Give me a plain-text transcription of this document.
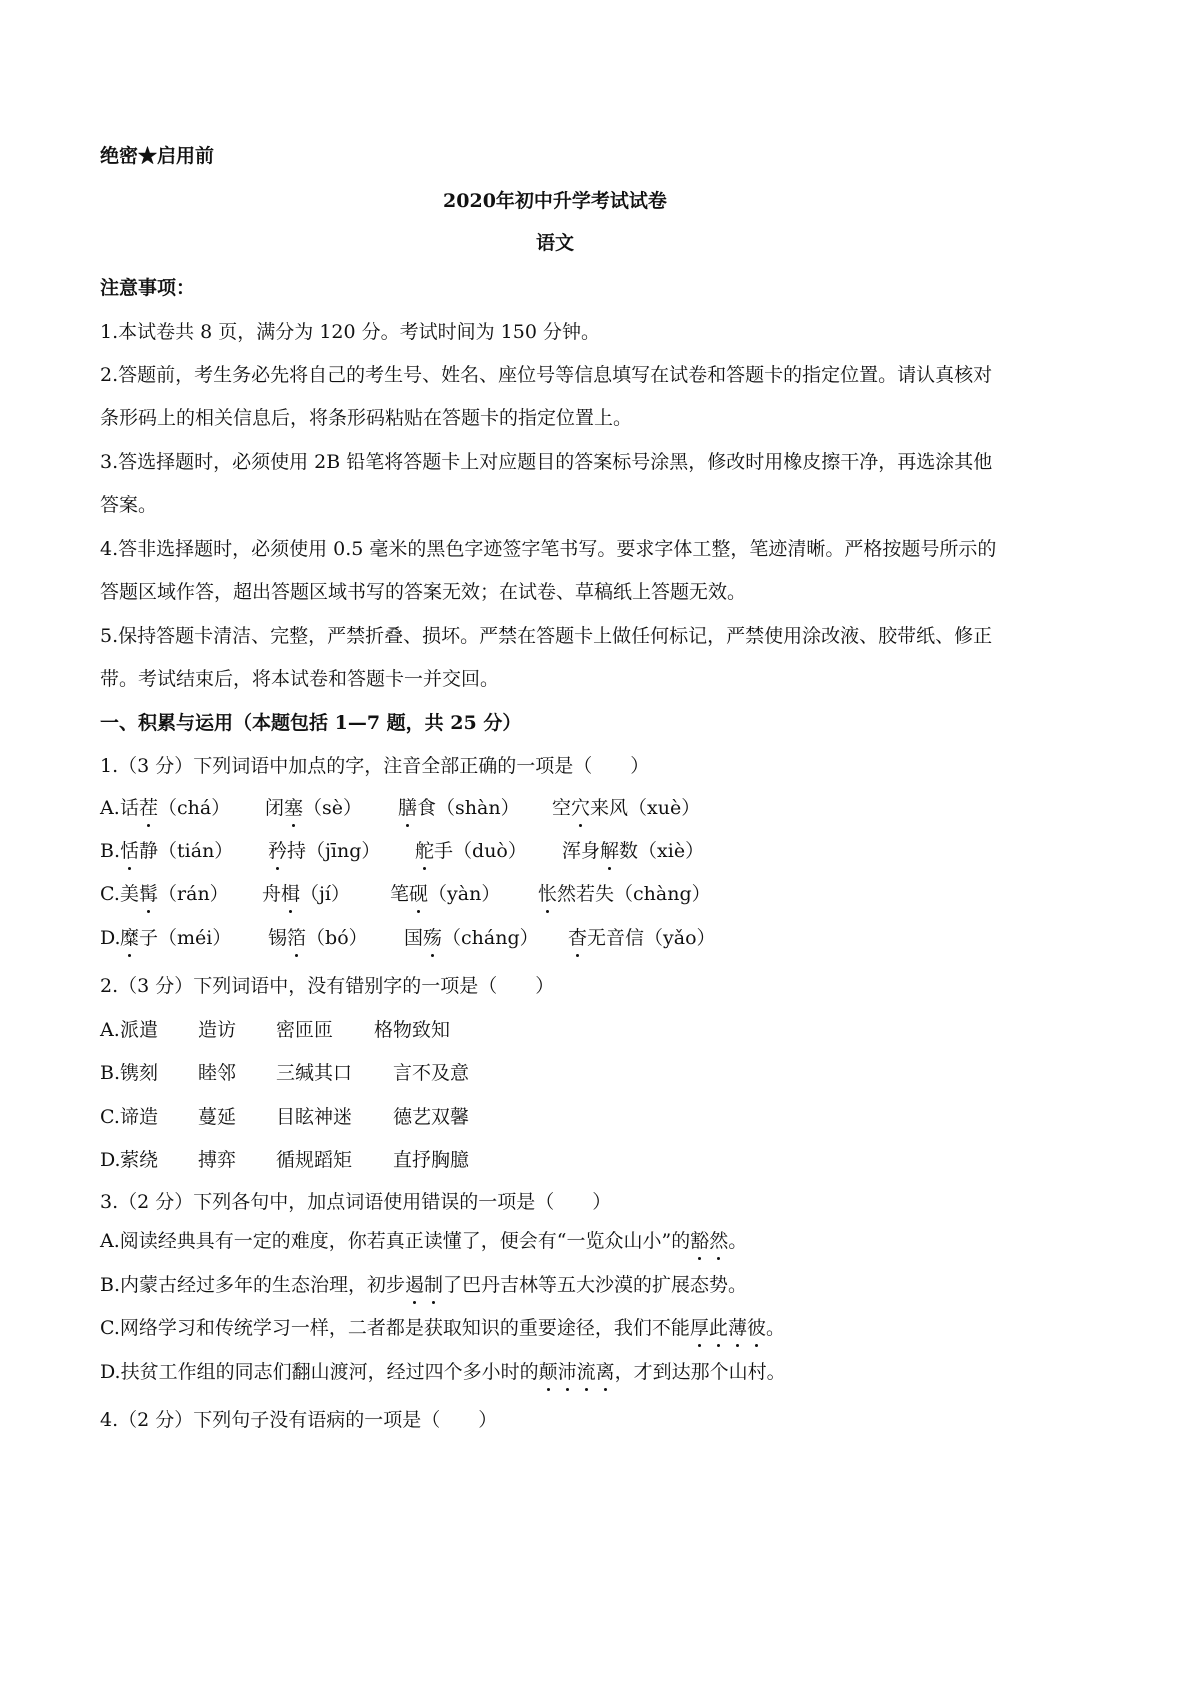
绝密★启用前
2020年初中升学考试试卷
语文
注意事项：
1.本试卷共 8 页，满分为 120 分。考试时间为 150 分钟。
2.答题前，考生务必先将自己的考生号、姓名、座位号等信息填写在试卷和答题卡的指定位置。请认真核对
条形码上的相关信息后，将条形码粘贴在答题卡的指定位置上。
3.答选择题时，必须使用 2B 铅笔将答题卡上对应题目的答案标号涂黑，修改时用橡皮擦干净，再选涂其他
答案。
4.答非选择题时，必须使用 0.5 毫米的黑色字迹签字笔书写。要求字体工整，笔迹清晰。严格按题号所示的
答题区域作答，超出答题区域书写的答案无效；在试卷、草稿纸上答题无效。
5.保持答题卡清洁、完整，严禁折叠、损坏。严禁在答题卡上做任何标记，严禁使用涂改液、胶带纸、修正
带。考试结束后，将本试卷和答题卡一并交回。
一、积累与运用（本题包括 1—7 题，共 25 分）
1.（3 分）下列词语中加点的字，注音全部正确的一项是（　　）
A. 话茬（chá） 闭塞（sè） 膳食（shàn） 空穴来风（xuè）
B. 恬静（tián） 矜持（jīng） 舵手（duò） 浑身解数（xiè）
C. 美髯（rán） 舟楫（jí） 笔砚（yàn） 怅然若失（chàng）
D. 糜子（méi） 锡箔（bó） 国殇（cháng） 杳无音信（yǎo）
2.（3 分）下列词语中，没有错别字的一项是（　　）
A. 派遣 造访 密匝匝 格物致知
B. 镌刻 睦邻 三缄其口 言不及意
C. 谛造 蔓延 目眩神迷 德艺双馨
D. 萦绕 搏弈 循规蹈矩 直抒胸臆
3.（2 分）下列各句中，加点词语使用错误的一项是（　　）
A.阅读经典具有一定的难度，你若真正读懂了，便会有“一览众山小”的豁然。
B.内蒙古经过多年的生态治理，初步遏制了巴丹吉林等五大沙漠的扩展态势。
C.网络学习和传统学习一样，二者都是获取知识的重要途径，我们不能厚此薄彼。
D.扶贫工作组的同志们翻山渡河，经过四个多小时的颠沛流离，才到达那个山村。
4.（2 分）下列句子没有语病的一项是（　　）
